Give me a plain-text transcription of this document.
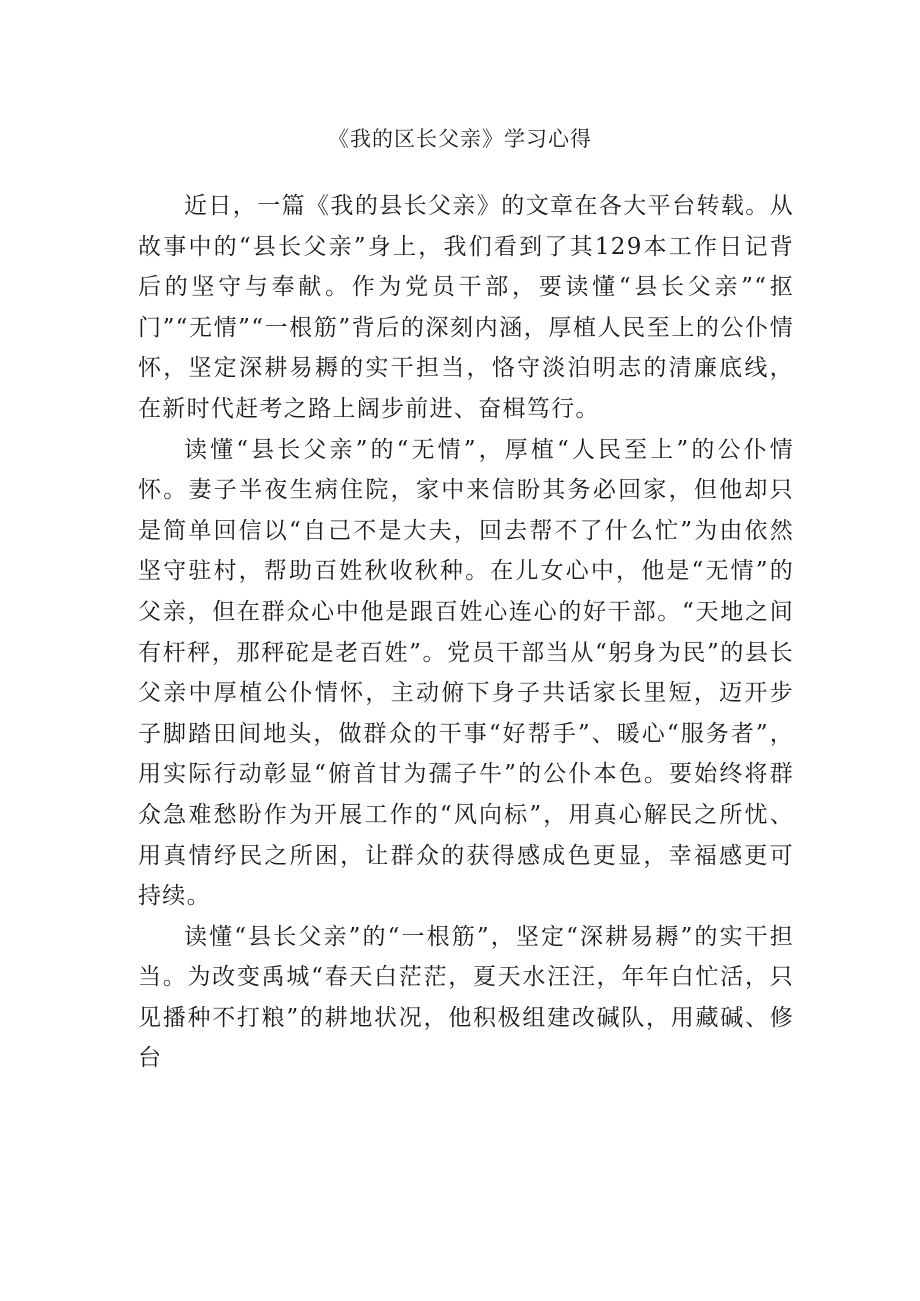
《我的区长父亲》学习心得

近日，一篇《我的县长父亲》的文章在各大平台转载。从故事中的“县长父亲”身上，我们看到了其129本工作日记背后的坚守与奉献。作为党员干部，要读懂“县长父亲”“抠门”“无情”“一根筋”背后的深刻内涵，厚植人民至上的公仆情怀，坚定深耕易耨的实干担当，恪守淡泊明志的清廉底线，在新时代赶考之路上阔步前进、奋楫笃行。

读懂“县长父亲”的“无情”，厚植“人民至上”的公仆情怀。妻子半夜生病住院，家中来信盼其务必回家，但他却只是简单回信以“自己不是大夫，回去帮不了什么忙”为由依然坚守驻村，帮助百姓秋收秋种。在儿女心中，他是“无情”的父亲，但在群众心中他是跟百姓心连心的好干部。“天地之间有杆秤，那秤砣是老百姓”。党员干部当从“躬身为民”的县长父亲中厚植公仆情怀，主动俯下身子共话家长里短，迈开步子脚踏田间地头，做群众的干事“好帮手”、暖心“服务者”，用实际行动彰显“俯首甘为孺子牛”的公仆本色。要始终将群众急难愁盼作为开展工作的“风向标”，用真心解民之所忧、用真情纾民之所困，让群众的获得感成色更显，幸福感更可持续。

读懂“县长父亲”的“一根筋”，坚定“深耕易耨”的实干担当。为改变禹城“春天白茫茫，夏天水汪汪，年年白忙活，只见播种不打粮”的耕地状况，他积极组建改碱队，用藏碱、修台
